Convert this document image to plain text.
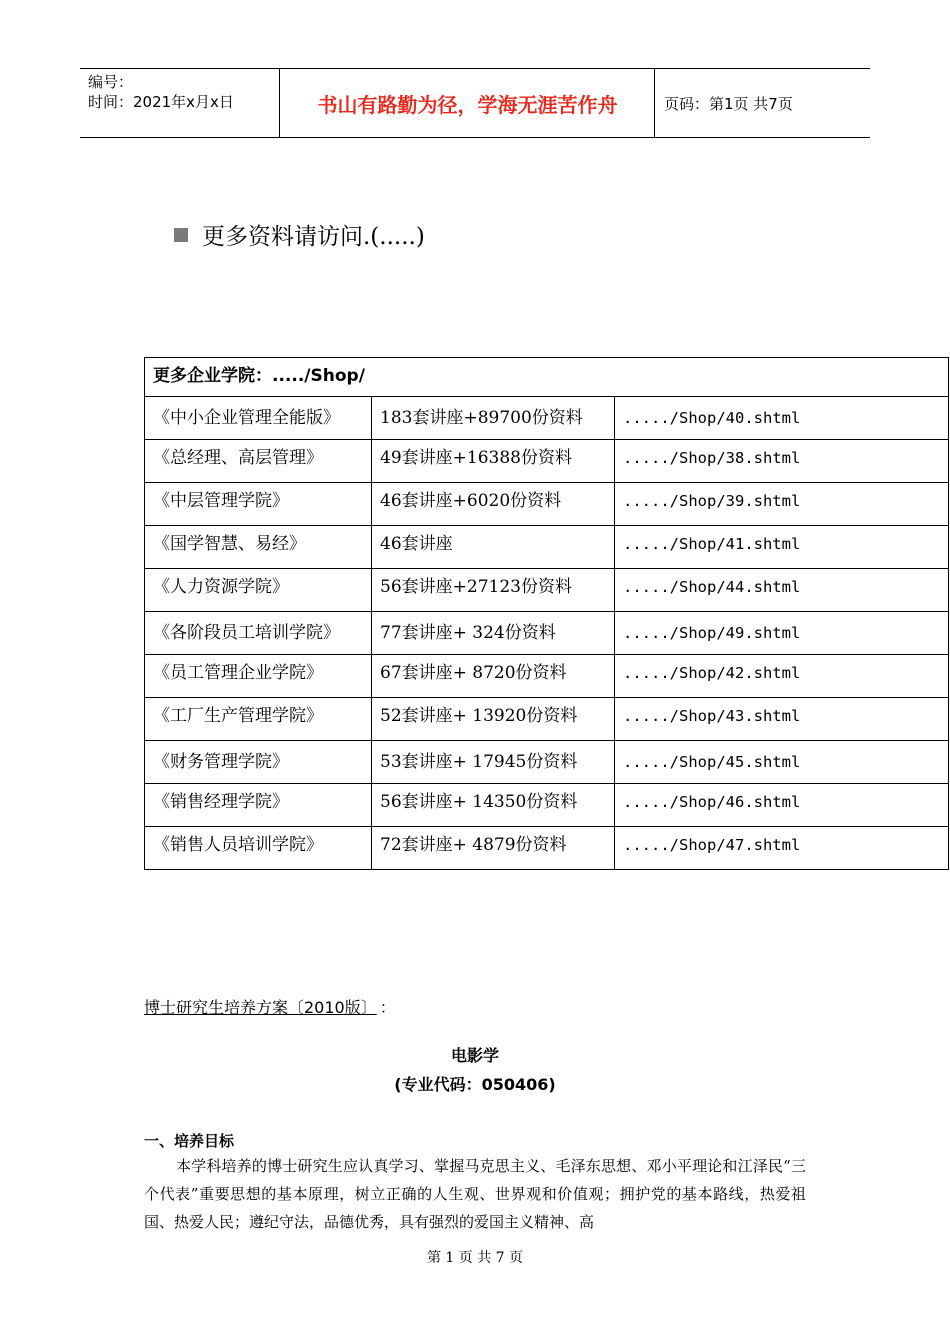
编号：
时间：2021年x月x日	书山有路勤为径，学海无涯苦作舟	页码：第1页 共7页
更多资料请访问.(.....)
更多企业学院：...../Shop/		
《中小企业管理全能版》	183套讲座+89700份资料	...../Shop/40.shtml
《总经理、高层管理》	49套讲座+16388份资料	...../Shop/38.shtml
《中层管理学院》	46套讲座+6020份资料	...../Shop/39.shtml
《国学智慧、易经》	46套讲座	...../Shop/41.shtml
《人力资源学院》	56套讲座+27123份资料	...../Shop/44.shtml
《各阶段员工培训学院》	77套讲座+ 324份资料	...../Shop/49.shtml
《员工管理企业学院》	67套讲座+ 8720份资料	...../Shop/42.shtml
《工厂生产管理学院》	52套讲座+ 13920份资料	...../Shop/43.shtml
《财务管理学院》	53套讲座+ 17945份资料	...../Shop/45.shtml
《销售经理学院》	56套讲座+ 14350份资料	...../Shop/46.shtml
《销售人员培训学院》	72套讲座+ 4879份资料	...../Shop/47.shtml
博士研究生培养方案〔2010版〕 ：
电影学
(专业代码：050406)
一、培养目标
本学科培养的博士研究生应认真学习、掌握马克思主义、毛泽东思想、邓小平理论和江泽民“三个代表”重要思想的基本原理，树立正确的人生观、世界观和价值观；拥护党的基本路线，热爱祖国、热爱人民；遵纪守法，品德优秀，具有强烈的爱国主义精神、高
第 1 页 共 7 页
